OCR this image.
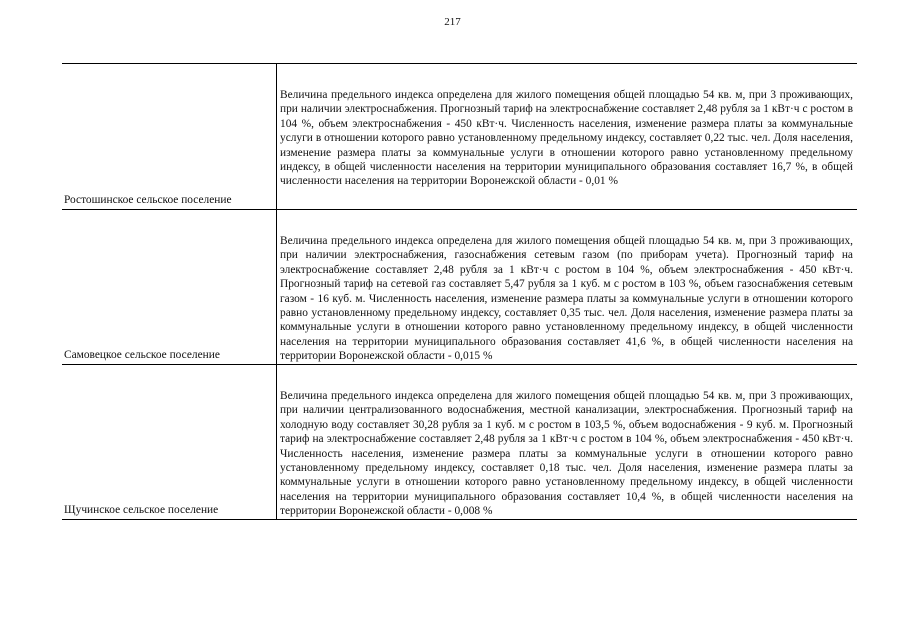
217
Ростошинское сельское поселение
Величина предельного индекса определена для жилого помещения общей площадью 54 кв. м, при 3 проживающих, при наличии электроснабжения. Прогнозный тариф на электроснабжение составляет 2,48 рубля за 1 кВт·ч с ростом в 104 %, объем электроснабжения - 450 кВт·ч. Численность населения, изменение размера платы за коммунальные услуги в отношении которого равно установленному предельному индексу, составляет 0,22 тыс. чел. Доля населения, изменение размера платы за коммунальные услуги в отношении которого равно установленному предельному индексу, в общей численности населения на территории муниципального образования составляет 16,7 %, в общей численности населения на территории Воронежской области - 0,01 %
Самовецкое сельское поселение
Величина предельного индекса определена для жилого помещения общей площадью 54 кв. м, при 3 проживающих, при наличии электроснабжения, газоснабжения сетевым газом (по приборам учета). Прогнозный тариф на электроснабжение составляет 2,48 рубля за 1 кВт·ч с ростом в 104 %, объем электроснабжения - 450 кВт·ч. Прогнозный тариф на сетевой газ составляет 5,47 рубля за 1 куб. м с ростом в 103 %, объем газоснабжения сетевым газом - 16 куб. м. Численность населения, изменение размера платы за коммунальные услуги в отношении которого равно установленному предельному индексу, составляет 0,35 тыс. чел. Доля населения, изменение размера платы за коммунальные услуги в отношении которого равно установленному предельному индексу, в общей численности населения на территории муниципального образования составляет 41,6 %, в общей численности населения на территории Воронежской области - 0,015 %
Щучинское сельское поселение
Величина предельного индекса определена для жилого помещения общей площадью 54 кв. м, при 3 проживающих, при наличии централизованного водоснабжения, местной канализации, электроснабжения. Прогнозный тариф на холодную воду составляет 30,28 рубля за 1 куб. м с ростом в 103,5 %, объем водоснабжения - 9 куб. м. Прогнозный тариф на электроснабжение составляет 2,48 рубля за 1 кВт·ч с ростом в 104 %, объем электроснабжения - 450 кВт·ч. Численность населения, изменение размера платы за коммунальные услуги в отношении которого равно установленному предельному индексу, составляет 0,18 тыс. чел. Доля населения, изменение размера платы за коммунальные услуги в отношении которого равно установленному предельному индексу, в общей численности населения на территории муниципального образования составляет 10,4 %, в общей численности населения на территории Воронежской области - 0,008 %
